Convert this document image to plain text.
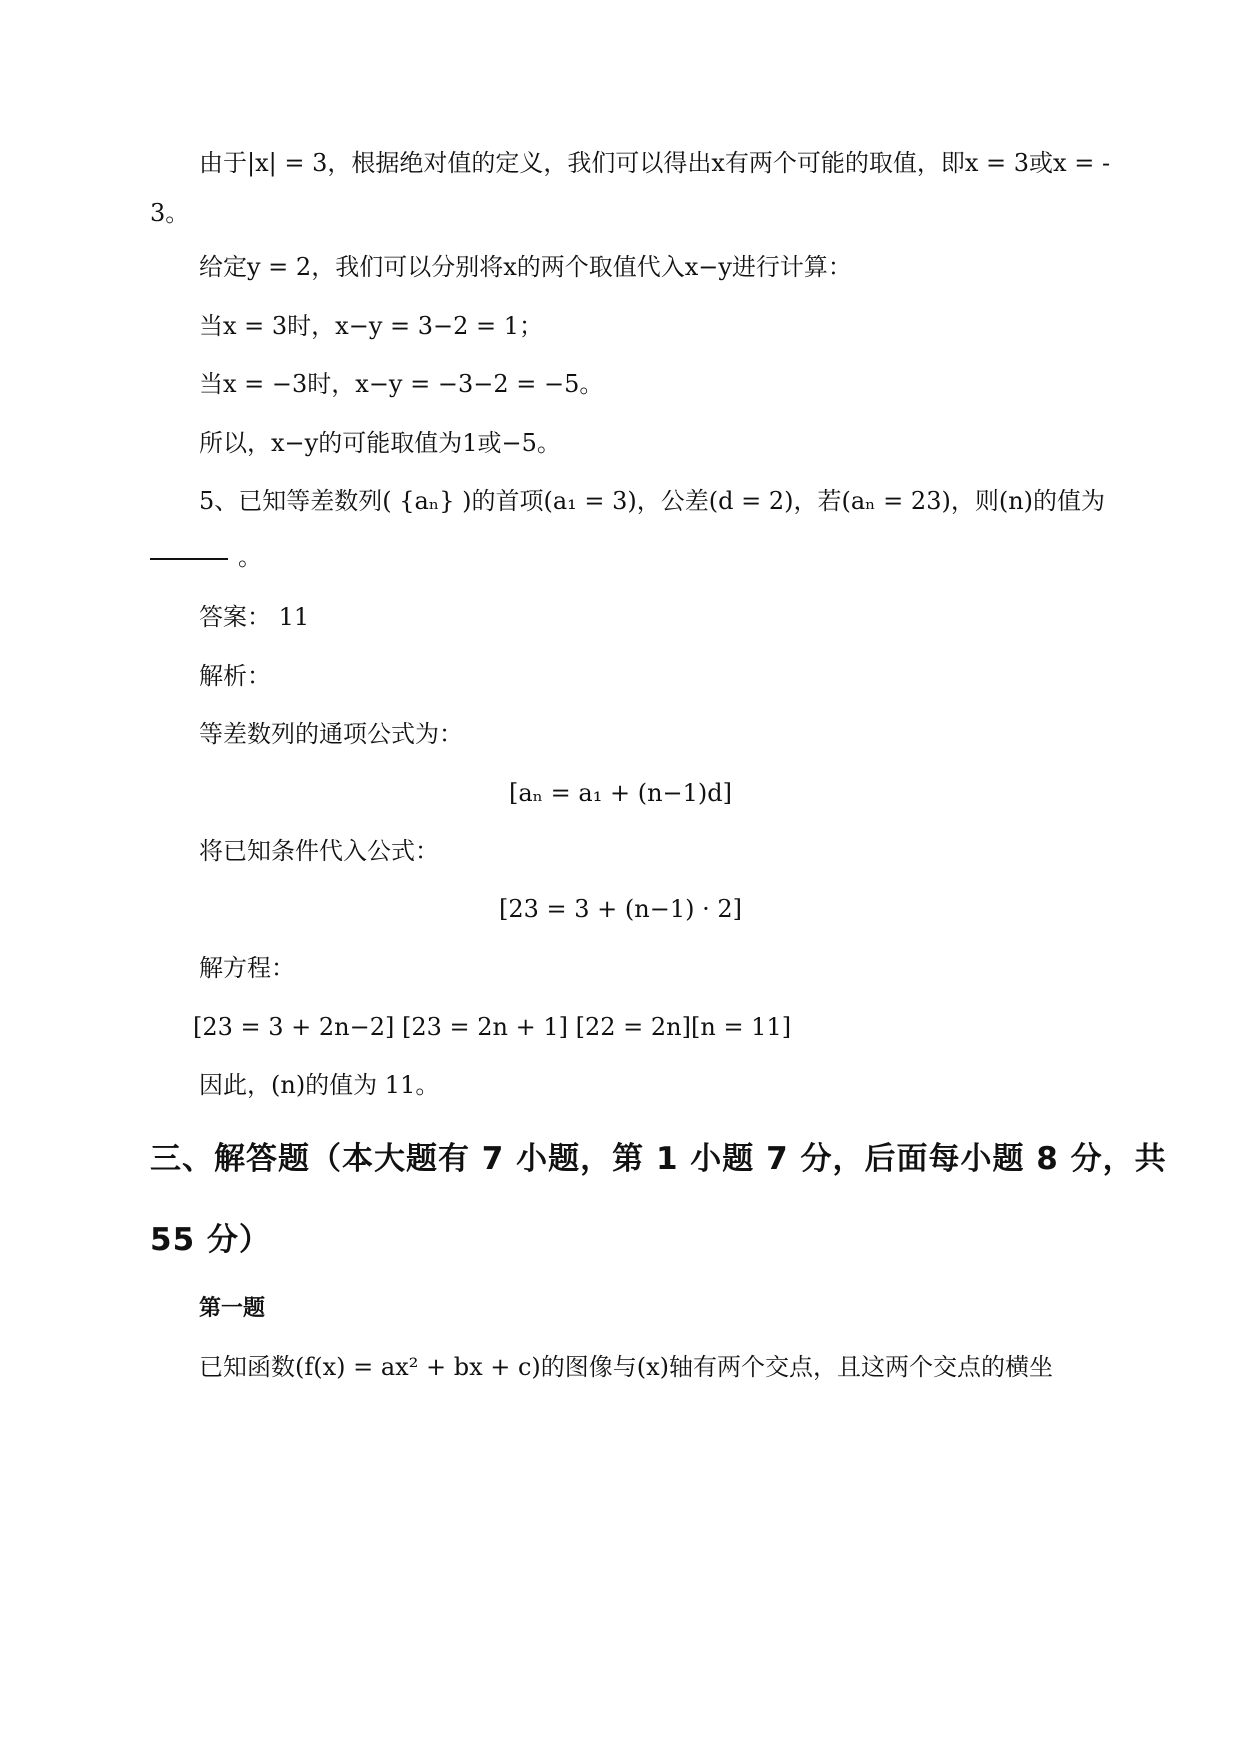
由于|x| = 3，根据绝对值的定义，我们可以得出x有两个可能的取值，即x = 3或x = -
3。
给定y = 2，我们可以分别将x的两个取值代入x−y进行计算：
当x = 3时，x−y = 3−2 = 1；
当x = −3时，x−y = −3−2 = −5。
所以，x−y的可能取值为1或−5。
5、已知等差数列( {aₙ} )的首项(a₁ = 3)，公差(d = 2)，若(aₙ = 23)，则(n)的值为
。
答案： 11
解析：
等差数列的通项公式为：
[aₙ = a₁ + (n−1)d]
将已知条件代入公式：
[23 = 3 + (n−1) · 2]
解方程：
[23 = 3 + 2n−2] [23 = 2n + 1] [22 = 2n][n = 11]
因此，(n)的值为 11。
三、解答题（本大题有 7 小题，第 1 小题 7 分，后面每小题 8 分，共
55 分）
第一题
已知函数(f(x) = ax² + bx + c)的图像与(x)轴有两个交点，且这两个交点的横坐
